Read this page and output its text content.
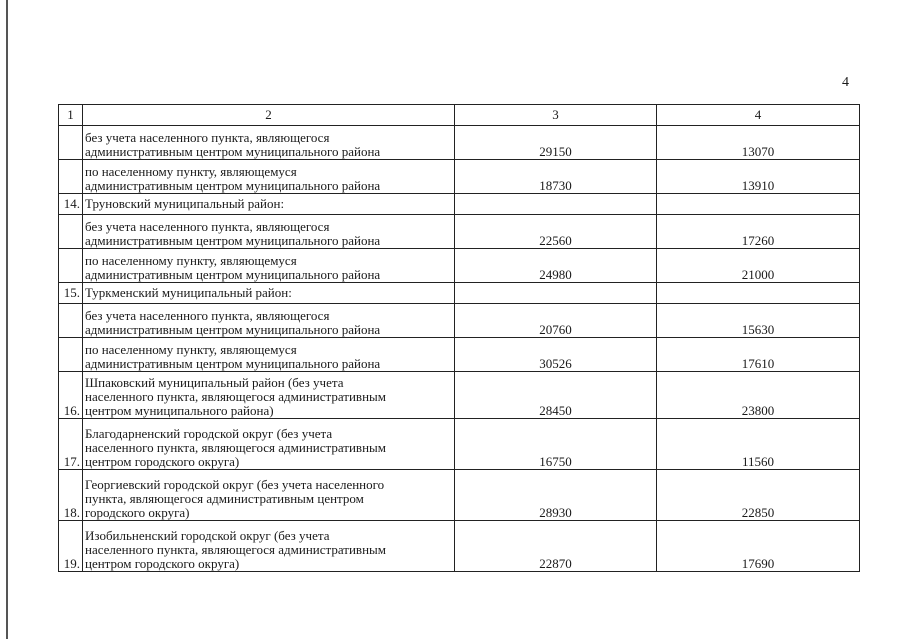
4
1	2	3	4

	без учета населенного пункта, являющегося
административным центром муниципального района	29150	13070

	по населенному пункту, являющемуся
административным центром муниципального района	18730	13910
14.	Труновский муниципальный район:		

	без учета населенного пункта, являющегося
административным центром муниципального района	22560	17260

	по населенному пункту, являющемуся
административным центром муниципального района	24980	21000
15.	Туркменский муниципальный район:		

	без учета населенного пункта, являющегося
административным центром муниципального района	20760	15630

	по населенному пункту, являющемуся
административным центром муниципального района	30526	17610
16.	Шпаковский муниципальный район (без учета
населенного пункта, являющегося административным
центром муниципального района)	28450	23800
17.	Благодарненский городской округ (без учета
населенного пункта, являющегося административным
центром городского округа)	16750	11560
18.	Георгиевский городской округ (без учета населенного
пункта, являющегося административным центром
городского округа)	28930	22850
19.	Изобильненский городской округ (без учета
населенного пункта, являющегося административным
центром городского округа)	22870	17690
